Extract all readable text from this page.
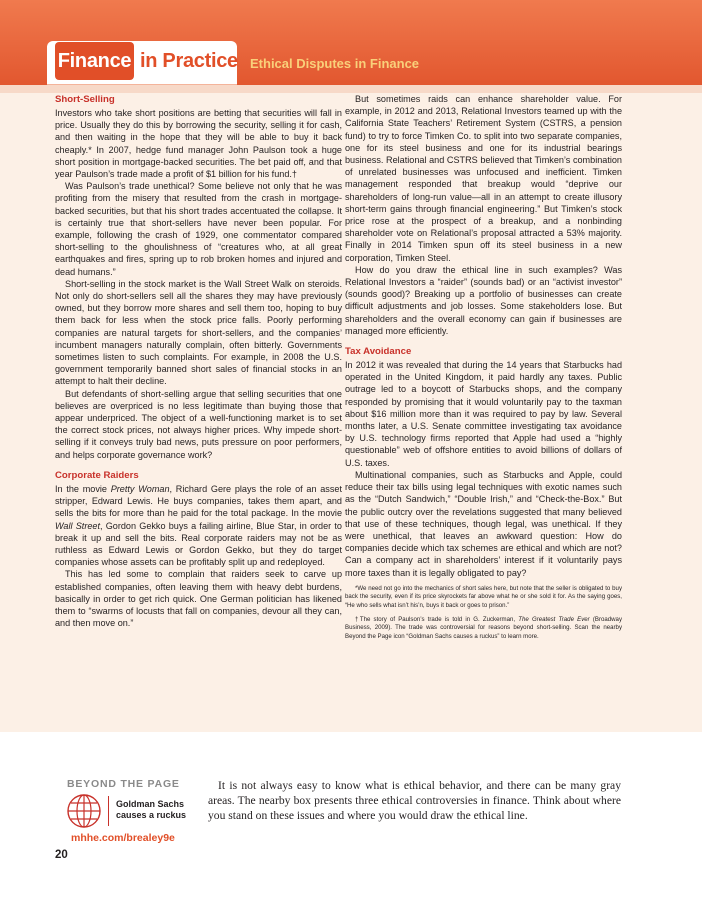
Finance in Practice Ethical Disputes in Finance
Short-Selling

Investors who take short positions are betting that securities will fall in price. Usually they do this by borrowing the security, selling it for cash, and then waiting in the hope that they will be able to buy it back cheaply.* In 2007, hedge fund manager John Paulson took a huge short position in mortgage-backed securities. The bet paid off, and that year Paulson’s trade made a profit of $1 billion for his fund.†

Was Paulson’s trade unethical? Some believe not only that he was profiting from the misery that resulted from the crash in mortgage-backed securities, but that his short trades accentuated the collapse. It is certainly true that short-sellers have never been popular. For example, following the crash of 1929, one commentator compared short-selling to the ghoulishness of “creatures who, at all great earthquakes and fires, spring up to rob broken homes and injured and dead humans.”

Short-selling in the stock market is the Wall Street Walk on steroids. Not only do short-sellers sell all the shares they may have previously owned, but they borrow more shares and sell them too, hoping to buy them back for less when the stock price falls. Poorly performing companies are natural targets for short-sellers, and the companies’ incumbent managers naturally complain, often bitterly. Governments sometimes listen to such complaints. For example, in 2008 the U.S. government temporarily banned short sales of financial stocks in an attempt to halt their decline.

But defendants of short-selling argue that selling securities that one believes are overpriced is no less legitimate than buying those that appear underpriced. The object of a well-functioning market is to set the correct stock prices, not always higher prices. Why impede short-selling if it conveys truly bad news, puts pressure on poor performers, and helps corporate governance work?

Corporate Raiders

In the movie Pretty Woman, Richard Gere plays the role of an asset stripper, Edward Lewis. He buys companies, takes them apart, and sells the bits for more than he paid for the total package. In the movie Wall Street, Gordon Gekko buys a failing airline, Blue Star, in order to break it up and sell the bits. Real corporate raiders may not be as ruthless as Edward Lewis or Gordon Gekko, but they do target companies whose assets can be profitably split up and redeployed.

This has led some to complain that raiders seek to carve up established companies, often leaving them with heavy debt burdens, basically in order to get rich quick. One German politician has likened them to “swarms of locusts that fall on companies, devour all they can, and then move on.”

But sometimes raids can enhance shareholder value. For example, in 2012 and 2013, Relational Investors teamed up with the California State Teachers’ Retirement System (CSTRS, a pension fund) to try to force Timken Co. to split into two separate companies, one for its steel business and one for its industrial bearings business. Relational and CSTRS believed that Timken’s combination of unrelated businesses was unfocused and inefficient. Timken management responded that breakup would “deprive our shareholders of long-run value—all in an attempt to create illusory short-term gains through financial engineering.” But Timken’s stock price rose at the prospect of a breakup, and a nonbinding shareholder vote on Relational’s proposal attracted a 53% majority. Finally in 2014 Timken spun off its steel business in a new corporation, Timken Steel.

How do you draw the ethical line in such examples? Was Relational Investors a “raider” (sounds bad) or an “activist investor” (sounds good)? Breaking up a portfolio of businesses can create difficult adjustments and job losses. Some stakeholders lose. But shareholders and the overall economy can gain if businesses are managed more efficiently.

Tax Avoidance

In 2012 it was revealed that during the 14 years that Starbucks had operated in the United Kingdom, it paid hardly any taxes. Public outrage led to a boycott of Starbucks shops, and the company responded by promising that it would voluntarily pay to the taxman about $16 million more than it was required to pay by law. Several months later, a U.S. Senate committee investigating tax avoidance by U.S. technology firms reported that Apple had used a “highly questionable” web of offshore entities to avoid billions of dollars of U.S. taxes.

Multinational companies, such as Starbucks and Apple, could reduce their tax bills using legal techniques with exotic names such as the “Dutch Sandwich,” “Double Irish,” and “Check-the-Box.” But the public outcry over the revelations suggested that many believed that use of these techniques, though legal, was unethical. If they were unethical, that leaves an awkward question: How do companies decide which tax schemes are ethical and which are not? Can a company act in shareholders’ interest if it voluntarily pays more taxes than it is legally obligated to pay?

*We need not go into the mechanics of short sales here, but note that the seller is obligated to buy back the security, even if its price skyrockets far above what he or she sold it for. As the saying goes, “He who sells what isn’t his’n, buys it back or goes to prison.”

†The story of Paulson’s trade is told in G. Zuckerman, The Greatest Trade Ever (Broadway Business, 2009). The trade was controversial for reasons beyond short-selling. Scan the nearby Beyond the Page icon “Goldman Sachs causes a ruckus” to learn more.

BEYOND THE PAGE
Goldman Sachs
causes a ruckus
mhhe.com/brealey9e
20

It is not always easy to know what is ethical behavior, and there can be many gray areas. The nearby box presents three ethical controversies in finance. Think about where you stand on these issues and where you would draw the ethical line.
